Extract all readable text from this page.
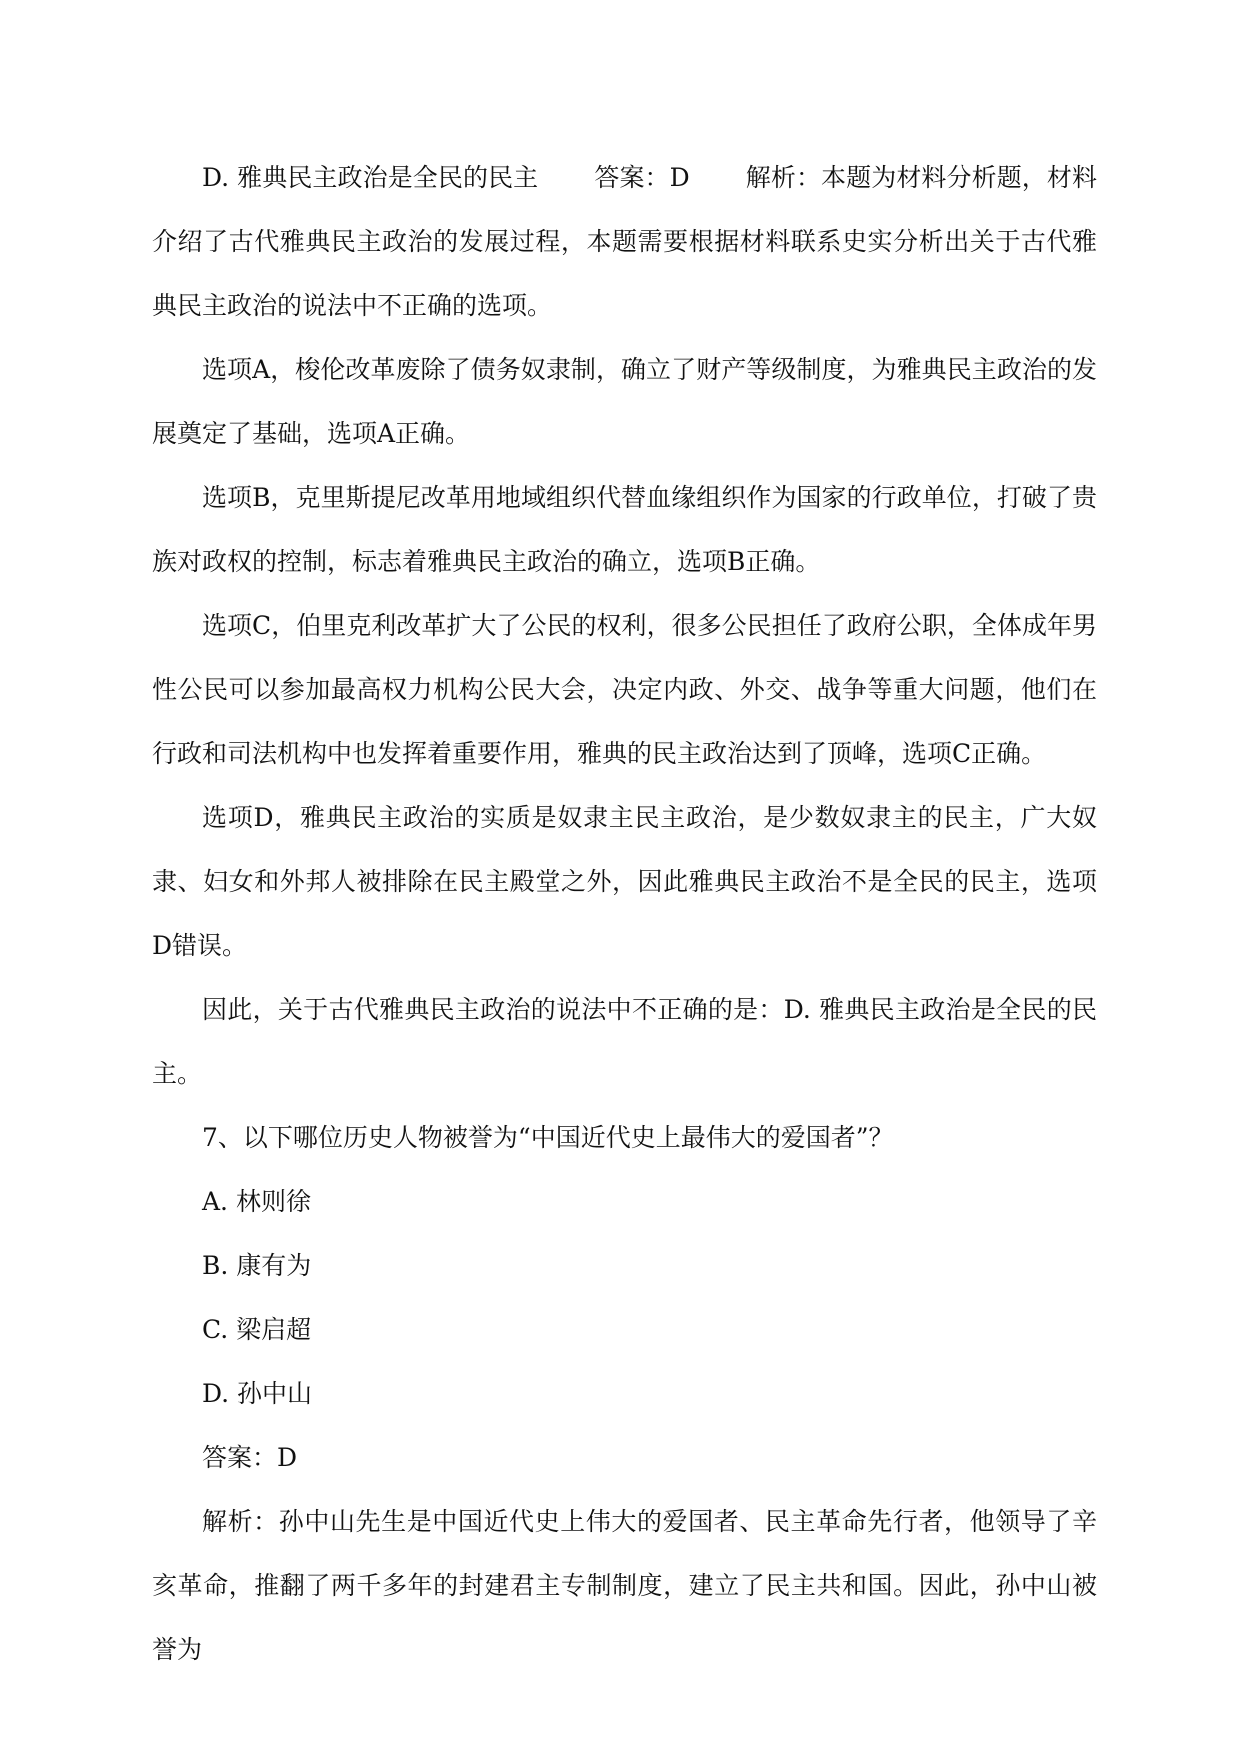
D. 雅典民主政治是全民的民主 答案：D 解析：本题为材料分析题，材料介绍了古代雅典民主政治的发展过程，本题需要根据材料联系史实分析出关于古代雅典民主政治的说法中不正确的选项。

选项A，梭伦改革废除了债务奴隶制，确立了财产等级制度，为雅典民主政治的发展奠定了基础，选项A正确。

选项B，克里斯提尼改革用地域组织代替血缘组织作为国家的行政单位，打破了贵族对政权的控制，标志着雅典民主政治的确立，选项B正确。

选项C，伯里克利改革扩大了公民的权利，很多公民担任了政府公职，全体成年男性公民可以参加最高权力机构公民大会，决定内政、外交、战争等重大问题，他们在行政和司法机构中也发挥着重要作用，雅典的民主政治达到了顶峰，选项C正确。

选项D，雅典民主政治的实质是奴隶主民主政治，是少数奴隶主的民主，广大奴隶、妇女和外邦人被排除在民主殿堂之外，因此雅典民主政治不是全民的民主，选项D错误。

因此，关于古代雅典民主政治的说法中不正确的是：D. 雅典民主政治是全民的民主。

7、以下哪位历史人物被誉为“中国近代史上最伟大的爱国者”？

A. 林则徐

B. 康有为

C. 梁启超

D. 孙中山

答案：D

解析：孙中山先生是中国近代史上伟大的爱国者、民主革命先行者，他领导了辛亥革命，推翻了两千多年的封建君主专制制度，建立了民主共和国。因此，孙中山被誉为
